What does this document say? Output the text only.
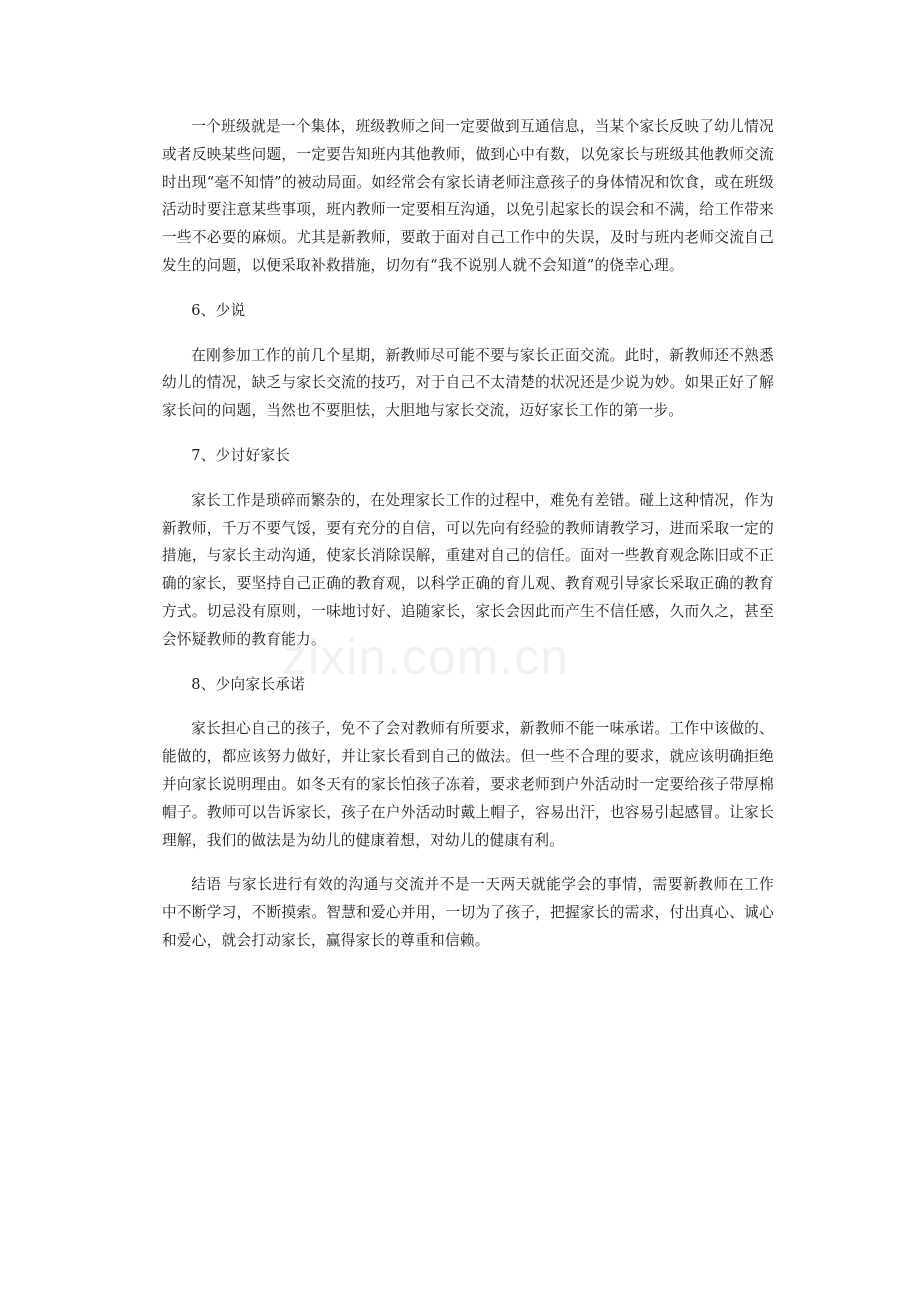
一个班级就是一个集体，班级教师之间一定要做到互通信息，当某个家长反映了幼儿情况或者反映某些问题，一定要告知班内其他教师，做到心中有数，以免家长与班级其他教师交流时出现“毫不知情”的被动局面。如经常会有家长请老师注意孩子的身体情况和饮食，或在班级活动时要注意某些事项，班内教师一定要相互沟通，以免引起家长的误会和不满，给工作带来一些不必要的麻烦。尤其是新教师，要敢于面对自己工作中的失误，及时与班内老师交流自己发生的问题，以便采取补救措施，切勿有“我不说别人就不会知道”的侥幸心理。

6、少说

在刚参加工作的前几个星期，新教师尽可能不要与家长正面交流。此时，新教师还不熟悉幼儿的情况，缺乏与家长交流的技巧，对于自己不太清楚的状况还是少说为妙。如果正好了解家长问的问题，当然也不要胆怯，大胆地与家长交流，迈好家长工作的第一步。

7、少讨好家长

家长工作是琐碎而繁杂的，在处理家长工作的过程中，难免有差错。碰上这种情况，作为新教师，千万不要气馁，要有充分的自信，可以先向有经验的教师请教学习，进而采取一定的措施，与家长主动沟通，使家长消除误解，重建对自己的信任。面对一些教育观念陈旧或不正确的家长，要坚持自己正确的教育观，以科学正确的育儿观、教育观引导家长采取正确的教育方式。切忌没有原则，一味地讨好、追随家长，家长会因此而产生不信任感，久而久之，甚至会怀疑教师的教育能力。

8、少向家长承诺

家长担心自己的孩子，免不了会对教师有所要求，新教师不能一味承诺。工作中该做的、能做的，都应该努力做好，并让家长看到自己的做法。但一些不合理的要求，就应该明确拒绝并向家长说明理由。如冬天有的家长怕孩子冻着，要求老师到户外活动时一定要给孩子带厚棉帽子。教师可以告诉家长，孩子在户外活动时戴上帽子，容易出汗，也容易引起感冒。让家长理解，我们的做法是为幼儿的健康着想，对幼儿的健康有利。

结语 与家长进行有效的沟通与交流并不是一天两天就能学会的事情，需要新教师在工作中不断学习，不断摸索。智慧和爱心并用，一切为了孩子，把握家长的需求，付出真心、诚心和爱心，就会打动家长，赢得家长的尊重和信赖。

zixin.com.cn
